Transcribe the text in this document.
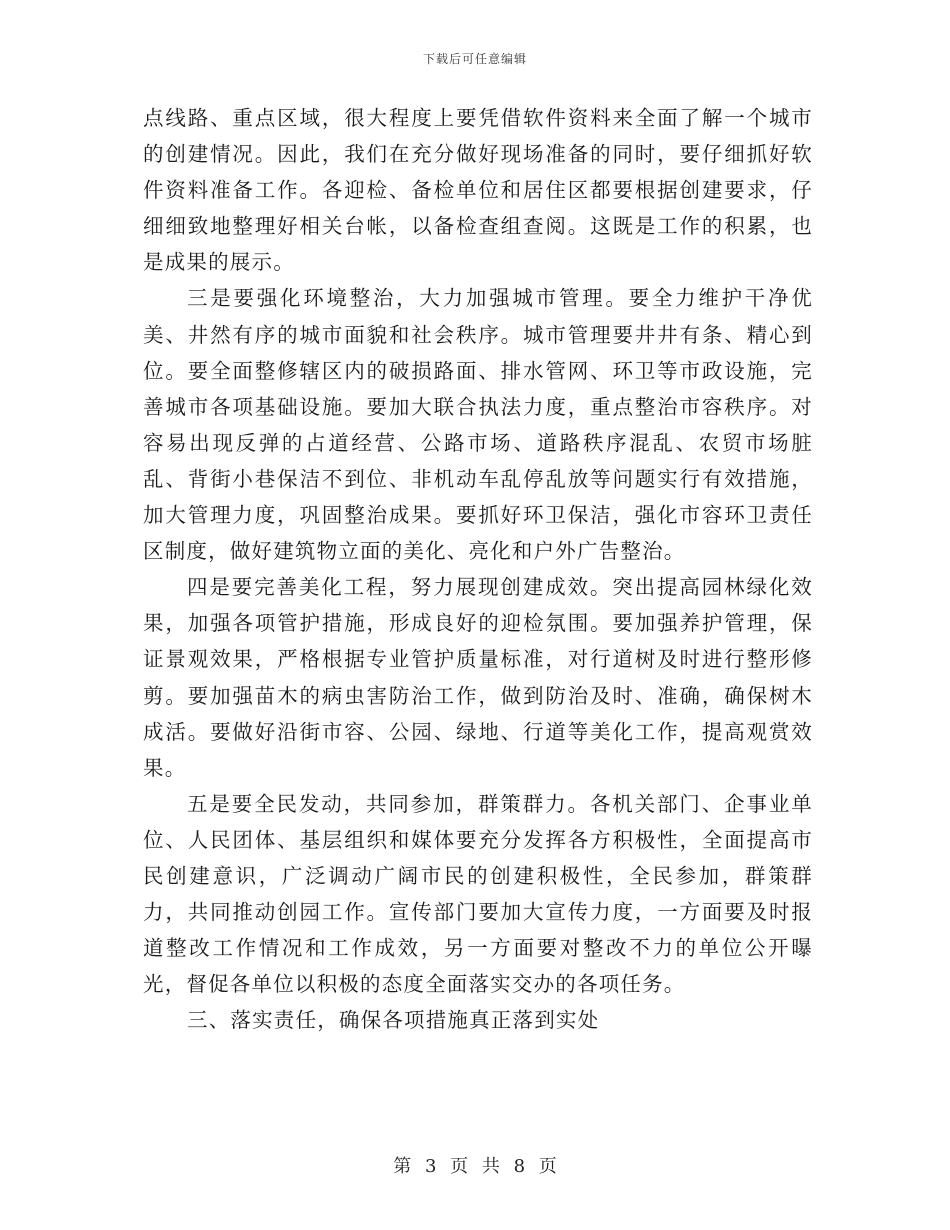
下载后可任意编辑

点线路、重点区域，很大程度上要凭借软件资料来全面了解一个城市的创建情况。因此，我们在充分做好现场准备的同时，要仔细抓好软件资料准备工作。各迎检、备检单位和居住区都要根据创建要求，仔细细致地整理好相关台帐，以备检查组查阅。这既是工作的积累，也是成果的展示。

三是要强化环境整治，大力加强城市管理。要全力维护干净优美、井然有序的城市面貌和社会秩序。城市管理要井井有条、精心到位。要全面整修辖区内的破损路面、排水管网、环卫等市政设施，完善城市各项基础设施。要加大联合执法力度，重点整治市容秩序。对容易出现反弹的占道经营、公路市场、道路秩序混乱、农贸市场脏乱、背街小巷保洁不到位、非机动车乱停乱放等问题实行有效措施，加大管理力度，巩固整治成果。要抓好环卫保洁，强化市容环卫责任区制度，做好建筑物立面的美化、亮化和户外广告整治。

四是要完善美化工程，努力展现创建成效。突出提高园林绿化效果，加强各项管护措施，形成良好的迎检氛围。要加强养护管理，保证景观效果，严格根据专业管护质量标准，对行道树及时进行整形修剪。要加强苗木的病虫害防治工作，做到防治及时、准确，确保树木成活。要做好沿街市容、公园、绿地、行道等美化工作，提高观赏效果。

五是要全民发动，共同参加，群策群力。各机关部门、企事业单位、人民团体、基层组织和媒体要充分发挥各方积极性，全面提高市民创建意识，广泛调动广阔市民的创建积极性，全民参加，群策群力，共同推动创园工作。宣传部门要加大宣传力度，一方面要及时报道整改工作情况和工作成效，另一方面要对整改不力的单位公开曝光，督促各单位以积极的态度全面落实交办的各项任务。

三、落实责任，确保各项措施真正落到实处

第 3 页 共 8 页
